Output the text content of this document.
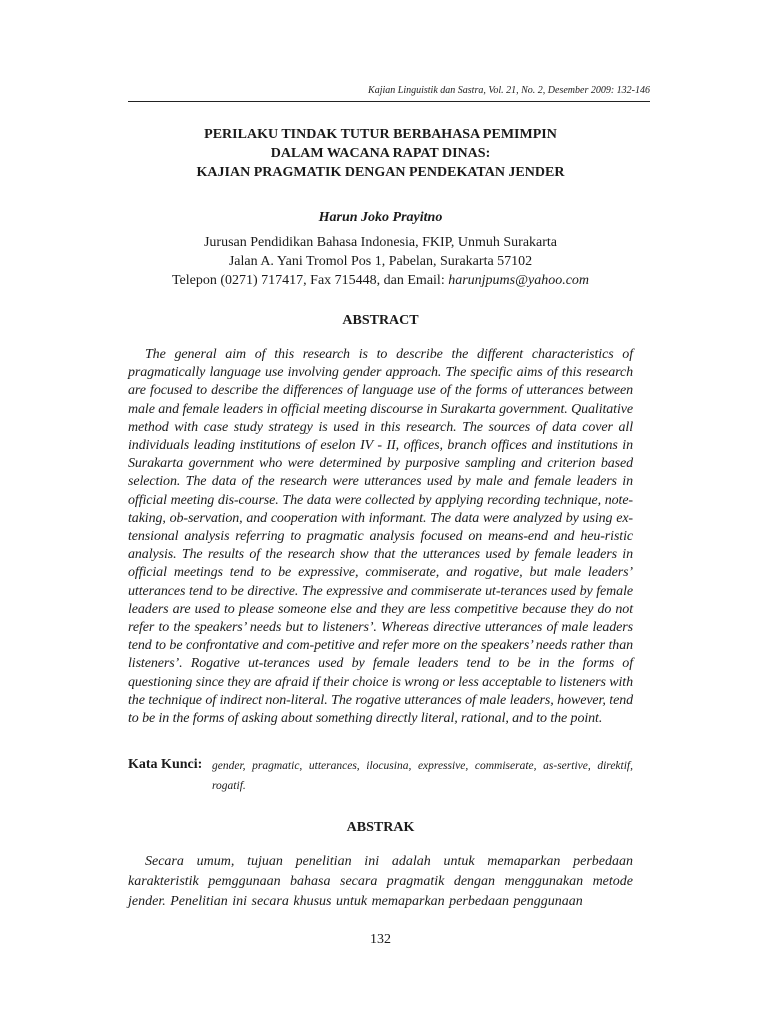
Kajian Linguistik dan Sastra, Vol. 21, No. 2, Desember 2009: 132-146
PERILAKU TINDAK TUTUR BERBAHASA PEMIMPIN
DALAM WACANA RAPAT DINAS:
KAJIAN PRAGMATIK DENGAN PENDEKATAN JENDER
Harun Joko Prayitno
Jurusan Pendidikan Bahasa Indonesia, FKIP, Unmuh Surakarta
Jalan A. Yani Tromol Pos 1, Pabelan, Surakarta 57102
Telepon (0271) 717417, Fax 715448, dan Email: harunjpums@yahoo.com
ABSTRACT
The general aim of this research is to describe the different characteristics of pragmatically language use involving gender approach. The specific aims of this research are focused to describe the differences of language use of the forms of utterances between male and female leaders in official meeting discourse in Surakarta government. Qualitative method with case study strategy is used in this research. The sources of data cover all individuals leading institutions of eselon IV - II, offices, branch offices and institutions in Surakarta government who were determined by purposive sampling and criterion based selection. The data of the research were utterances used by male and female leaders in official meeting dis-course. The data were collected by applying recording technique, note-taking, ob-servation, and cooperation with informant. The data were analyzed by using ex-tensional analysis referring to pragmatic analysis focused on means-end and heu-ristic analysis. The results of the research show that the utterances used by female leaders in official meetings tend to be expressive, commiserate, and rogative, but male leaders’ utterances tend to be directive. The expressive and commiserate ut-terances used by female leaders are used to please someone else and they are less competitive because they do not refer to the speakers’ needs but to listeners’. Whereas directive utterances of male leaders tend to be confrontative and com-petitive and refer more on the speakers’ needs rather than listeners’. Rogative ut-terances used by female leaders tend to be in the forms of questioning since they are afraid if their choice is wrong or less acceptable to listeners with the technique of indirect non-literal. The rogative utterances of male leaders, however, tend to be in the forms of asking about something directly literal, rational, and to the point.
Kata Kunci: gender, pragmatic, utterances, ilocusina, expressive, commiserate, as-sertive, direktif, rogatif.
ABSTRAK
Secara umum, tujuan penelitian ini adalah untuk memaparkan perbedaan karakteristik pemggunaan bahasa secara pragmatik dengan menggunakan metode jender. Penelitian ini secara khusus untuk memaparkan perbedaan penggunaan
132
